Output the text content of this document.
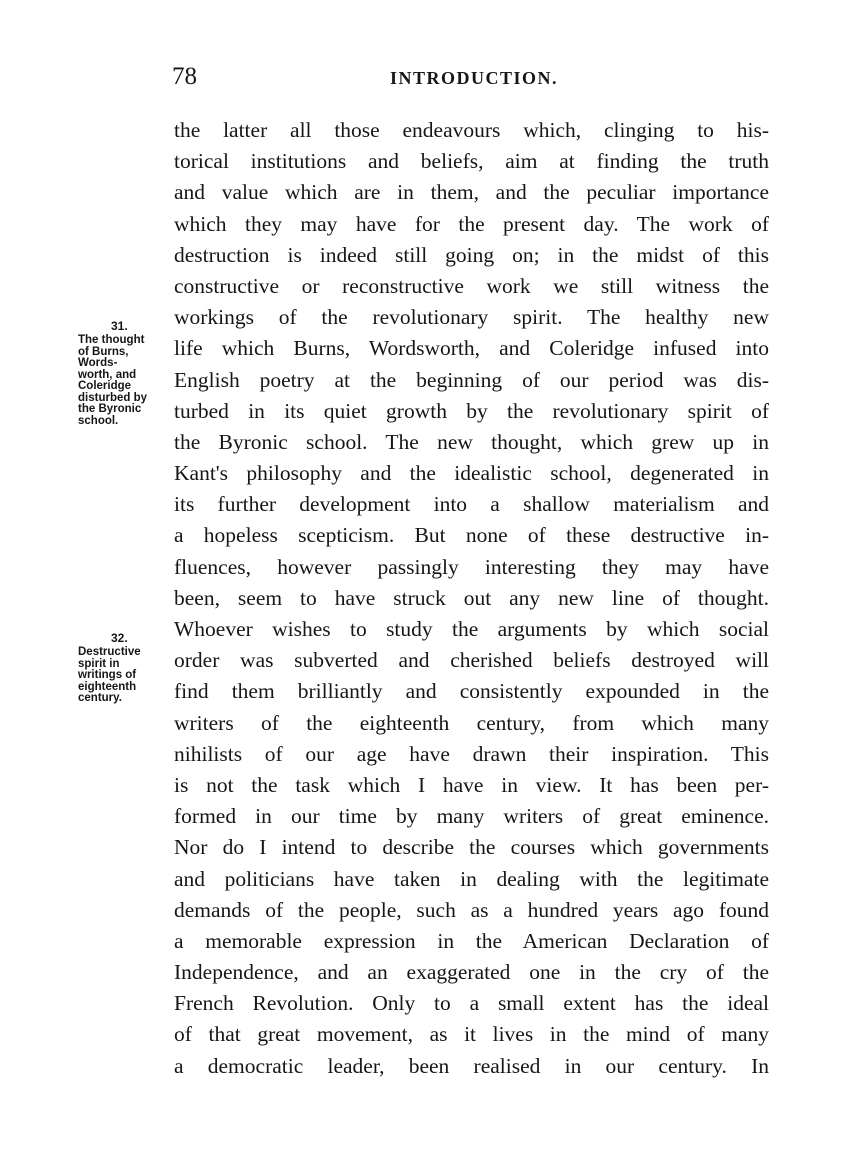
78	INTRODUCTION.
the latter all those endeavours which, clinging to his-
torical institutions and beliefs, aim at finding the truth
and value which are in them, and the peculiar importance
which they may have for the present day. The work of
destruction is indeed still going on; in the midst of this
constructive or reconstructive work we still witness the
workings of the revolutionary spirit. The healthy new
life which Burns, Wordsworth, and Coleridge infused into
English poetry at the beginning of our period was dis-
turbed in its quiet growth by the revolutionary spirit of
the Byronic school. The new thought, which grew up in
Kant's philosophy and the idealistic school, degenerated in
its further development into a shallow materialism and
a hopeless scepticism. But none of these destructive in-
fluences, however passingly interesting they may have
been, seem to have struck out any new line of thought.
Whoever wishes to study the arguments by which social
order was subverted and cherished beliefs destroyed will
find them brilliantly and consistently expounded in the
writers of the eighteenth century, from which many
nihilists of our age have drawn their inspiration. This
is not the task which I have in view. It has been per-
formed in our time by many writers of great eminence.
Nor do I intend to describe the courses which governments
and politicians have taken in dealing with the legitimate
demands of the people, such as a hundred years ago found
a memorable expression in the American Declaration of
Independence, and an exaggerated one in the cry of the
French Revolution. Only to a small extent has the ideal
of that great movement, as it lives in the mind of many
a democratic leader, been realised in our century. In
31.
The thought
of Burns,
Words-
worth, and
Coleridge
disturbed by
the Byronic
school.
32.
Destructive
spirit in
writings of
eighteenth
century.
